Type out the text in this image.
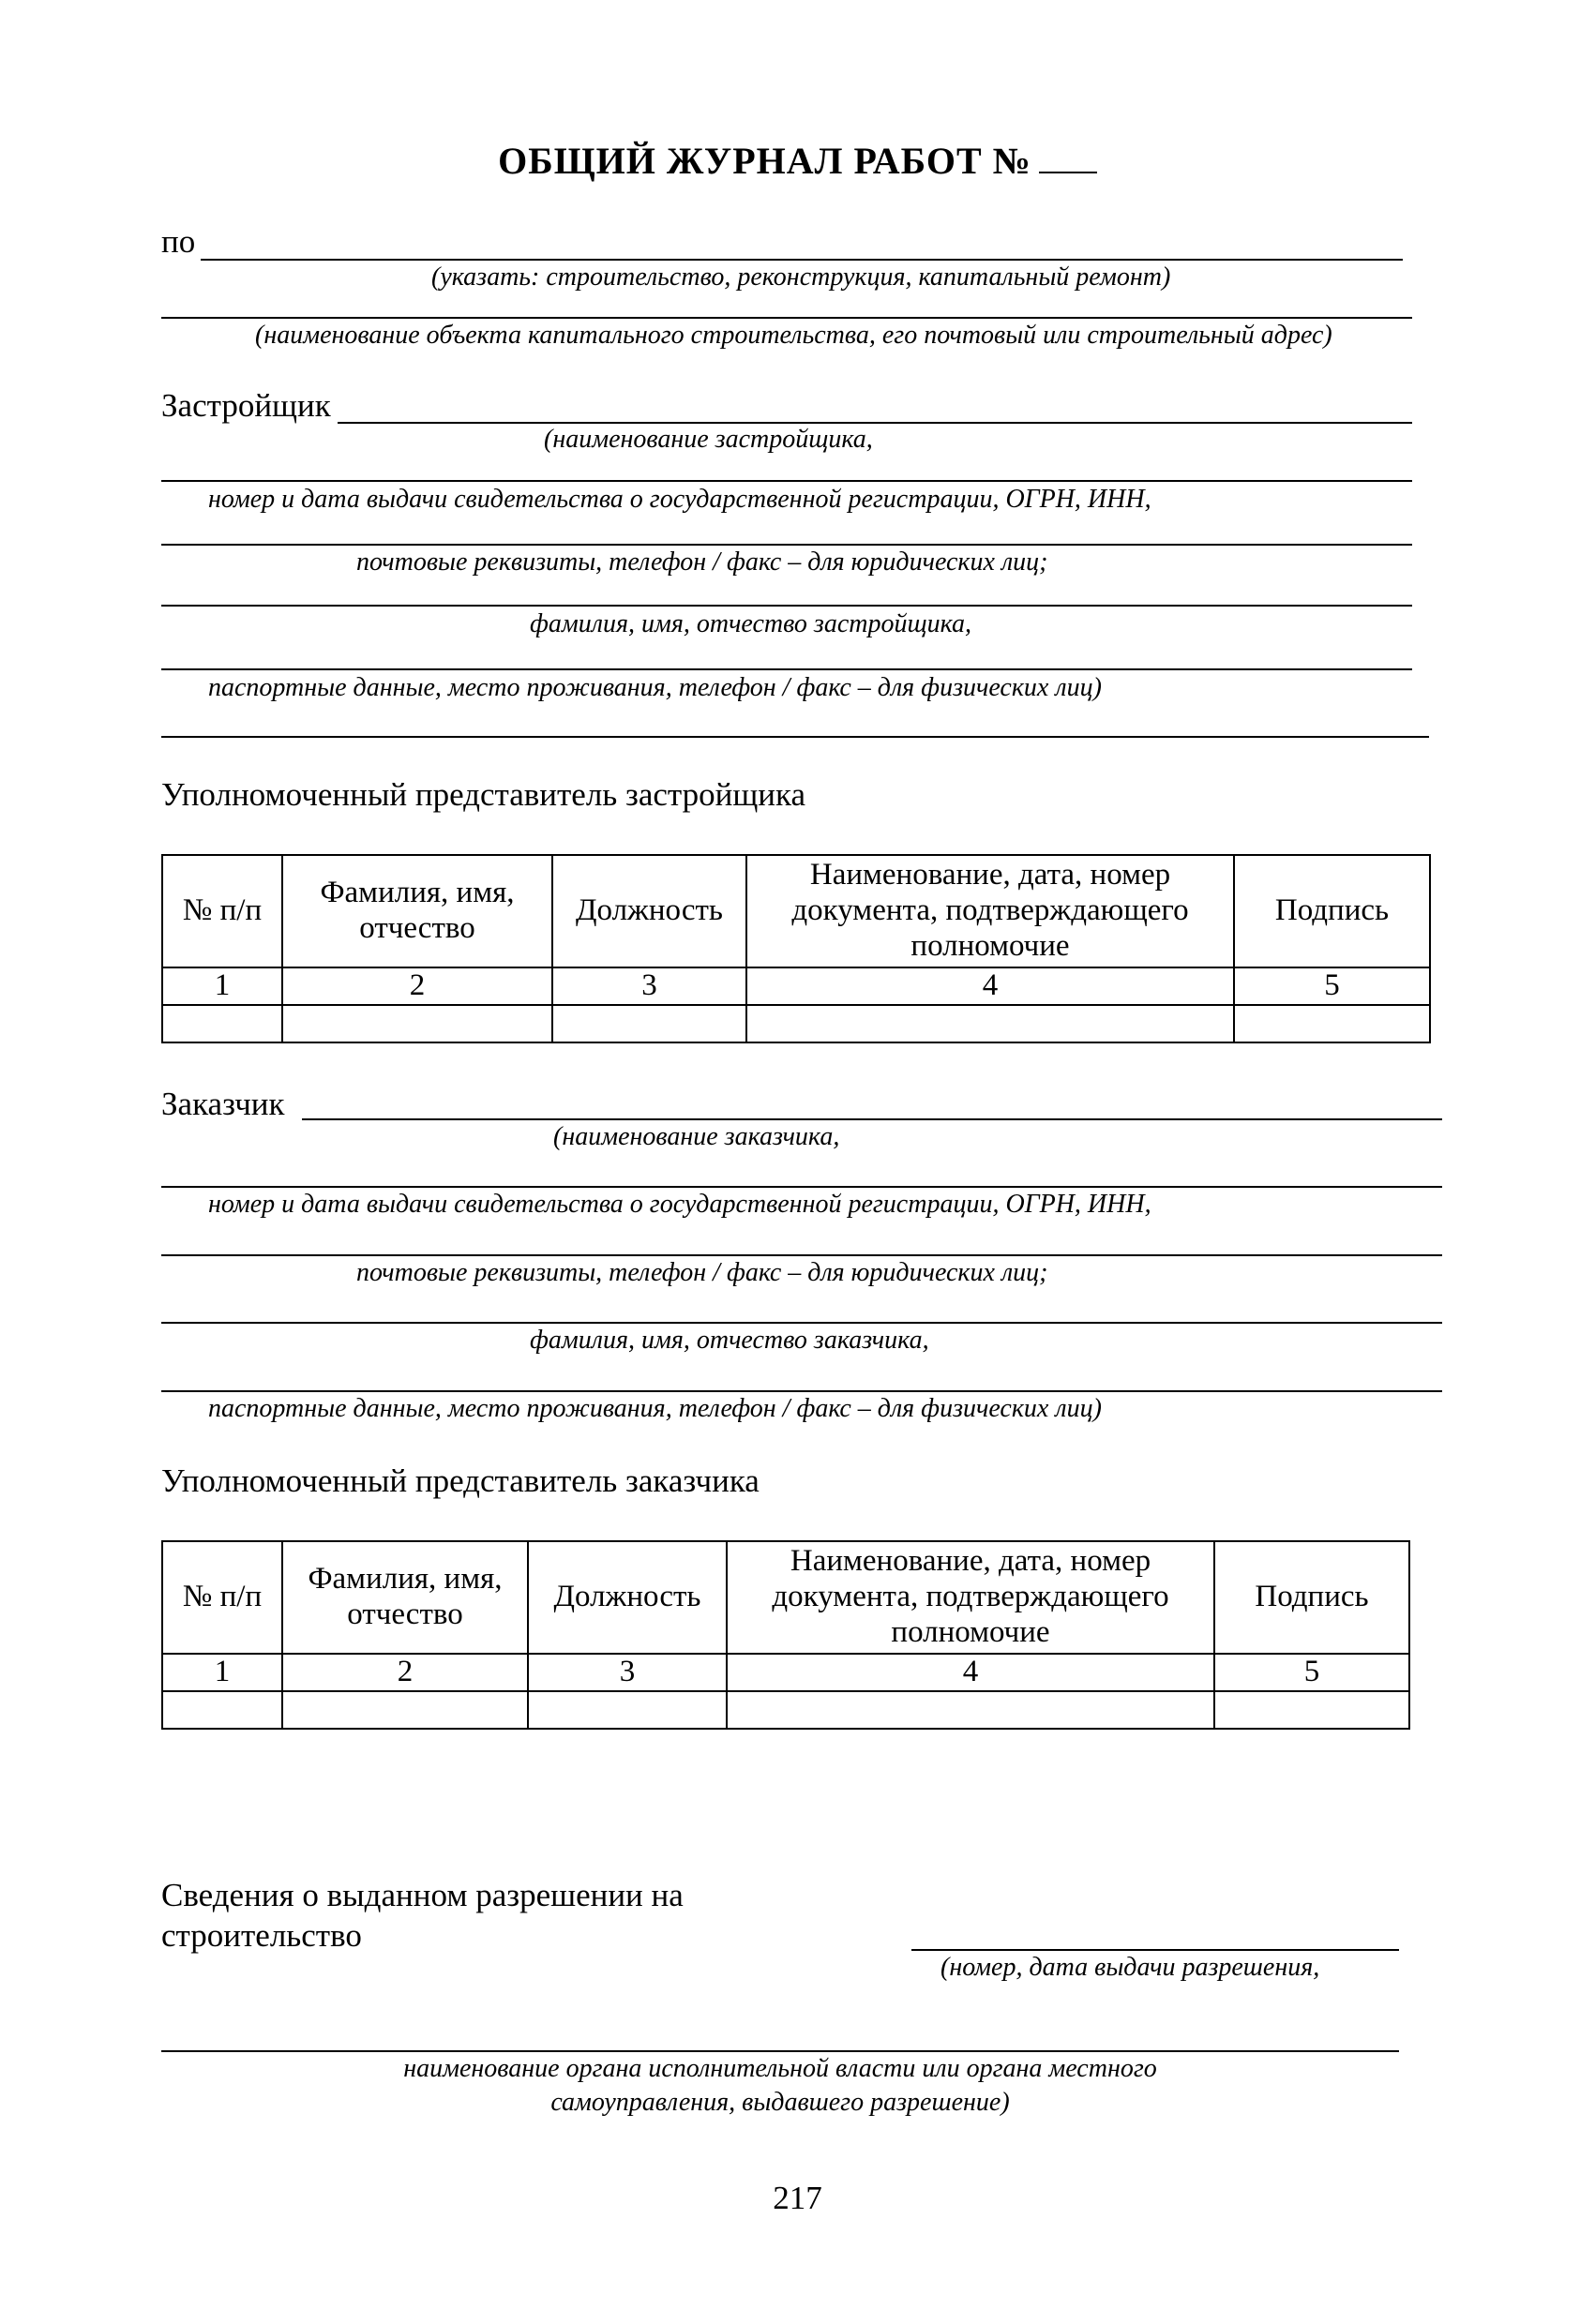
ОБЩИЙ ЖУРНАЛ РАБОТ №
по
(указать: строительство, реконструкция, капитальный ремонт)
(наименование объекта капитального строительства, его почтовый или строительный адрес)
Застройщик
(наименование застройщика,
номер и дата выдачи свидетельства о государственной регистрации, ОГРН, ИНН,
почтовые реквизиты, телефон / факс – для юридических лиц;
фамилия, имя, отчество застройщика,
паспортные данные, место проживания, телефон / факс – для физических лиц)
Уполномоченный представитель застройщика
№ п/п	Фамилия, имя, отчество	Должность	Наименование, дата, номер документа, подтверждающего полномочие	Подпись
1	2	3	4	5

Заказчик
(наименование заказчика,
номер и дата выдачи свидетельства о государственной регистрации, ОГРН, ИНН,
почтовые реквизиты, телефон / факс – для юридических лиц;
фамилия, имя, отчество заказчика,
паспортные данные, место проживания, телефон / факс – для физических лиц)
Уполномоченный представитель заказчика
№ п/п	Фамилия, имя, отчество	Должность	Наименование, дата, номер документа, подтверждающего полномочие	Подпись
1	2	3	4	5

Сведения о выданном разрешении на
строительство
(номер, дата выдачи разрешения,
наименование органа исполнительной власти или органа местного
самоуправления, выдавшего разрешение)
217
